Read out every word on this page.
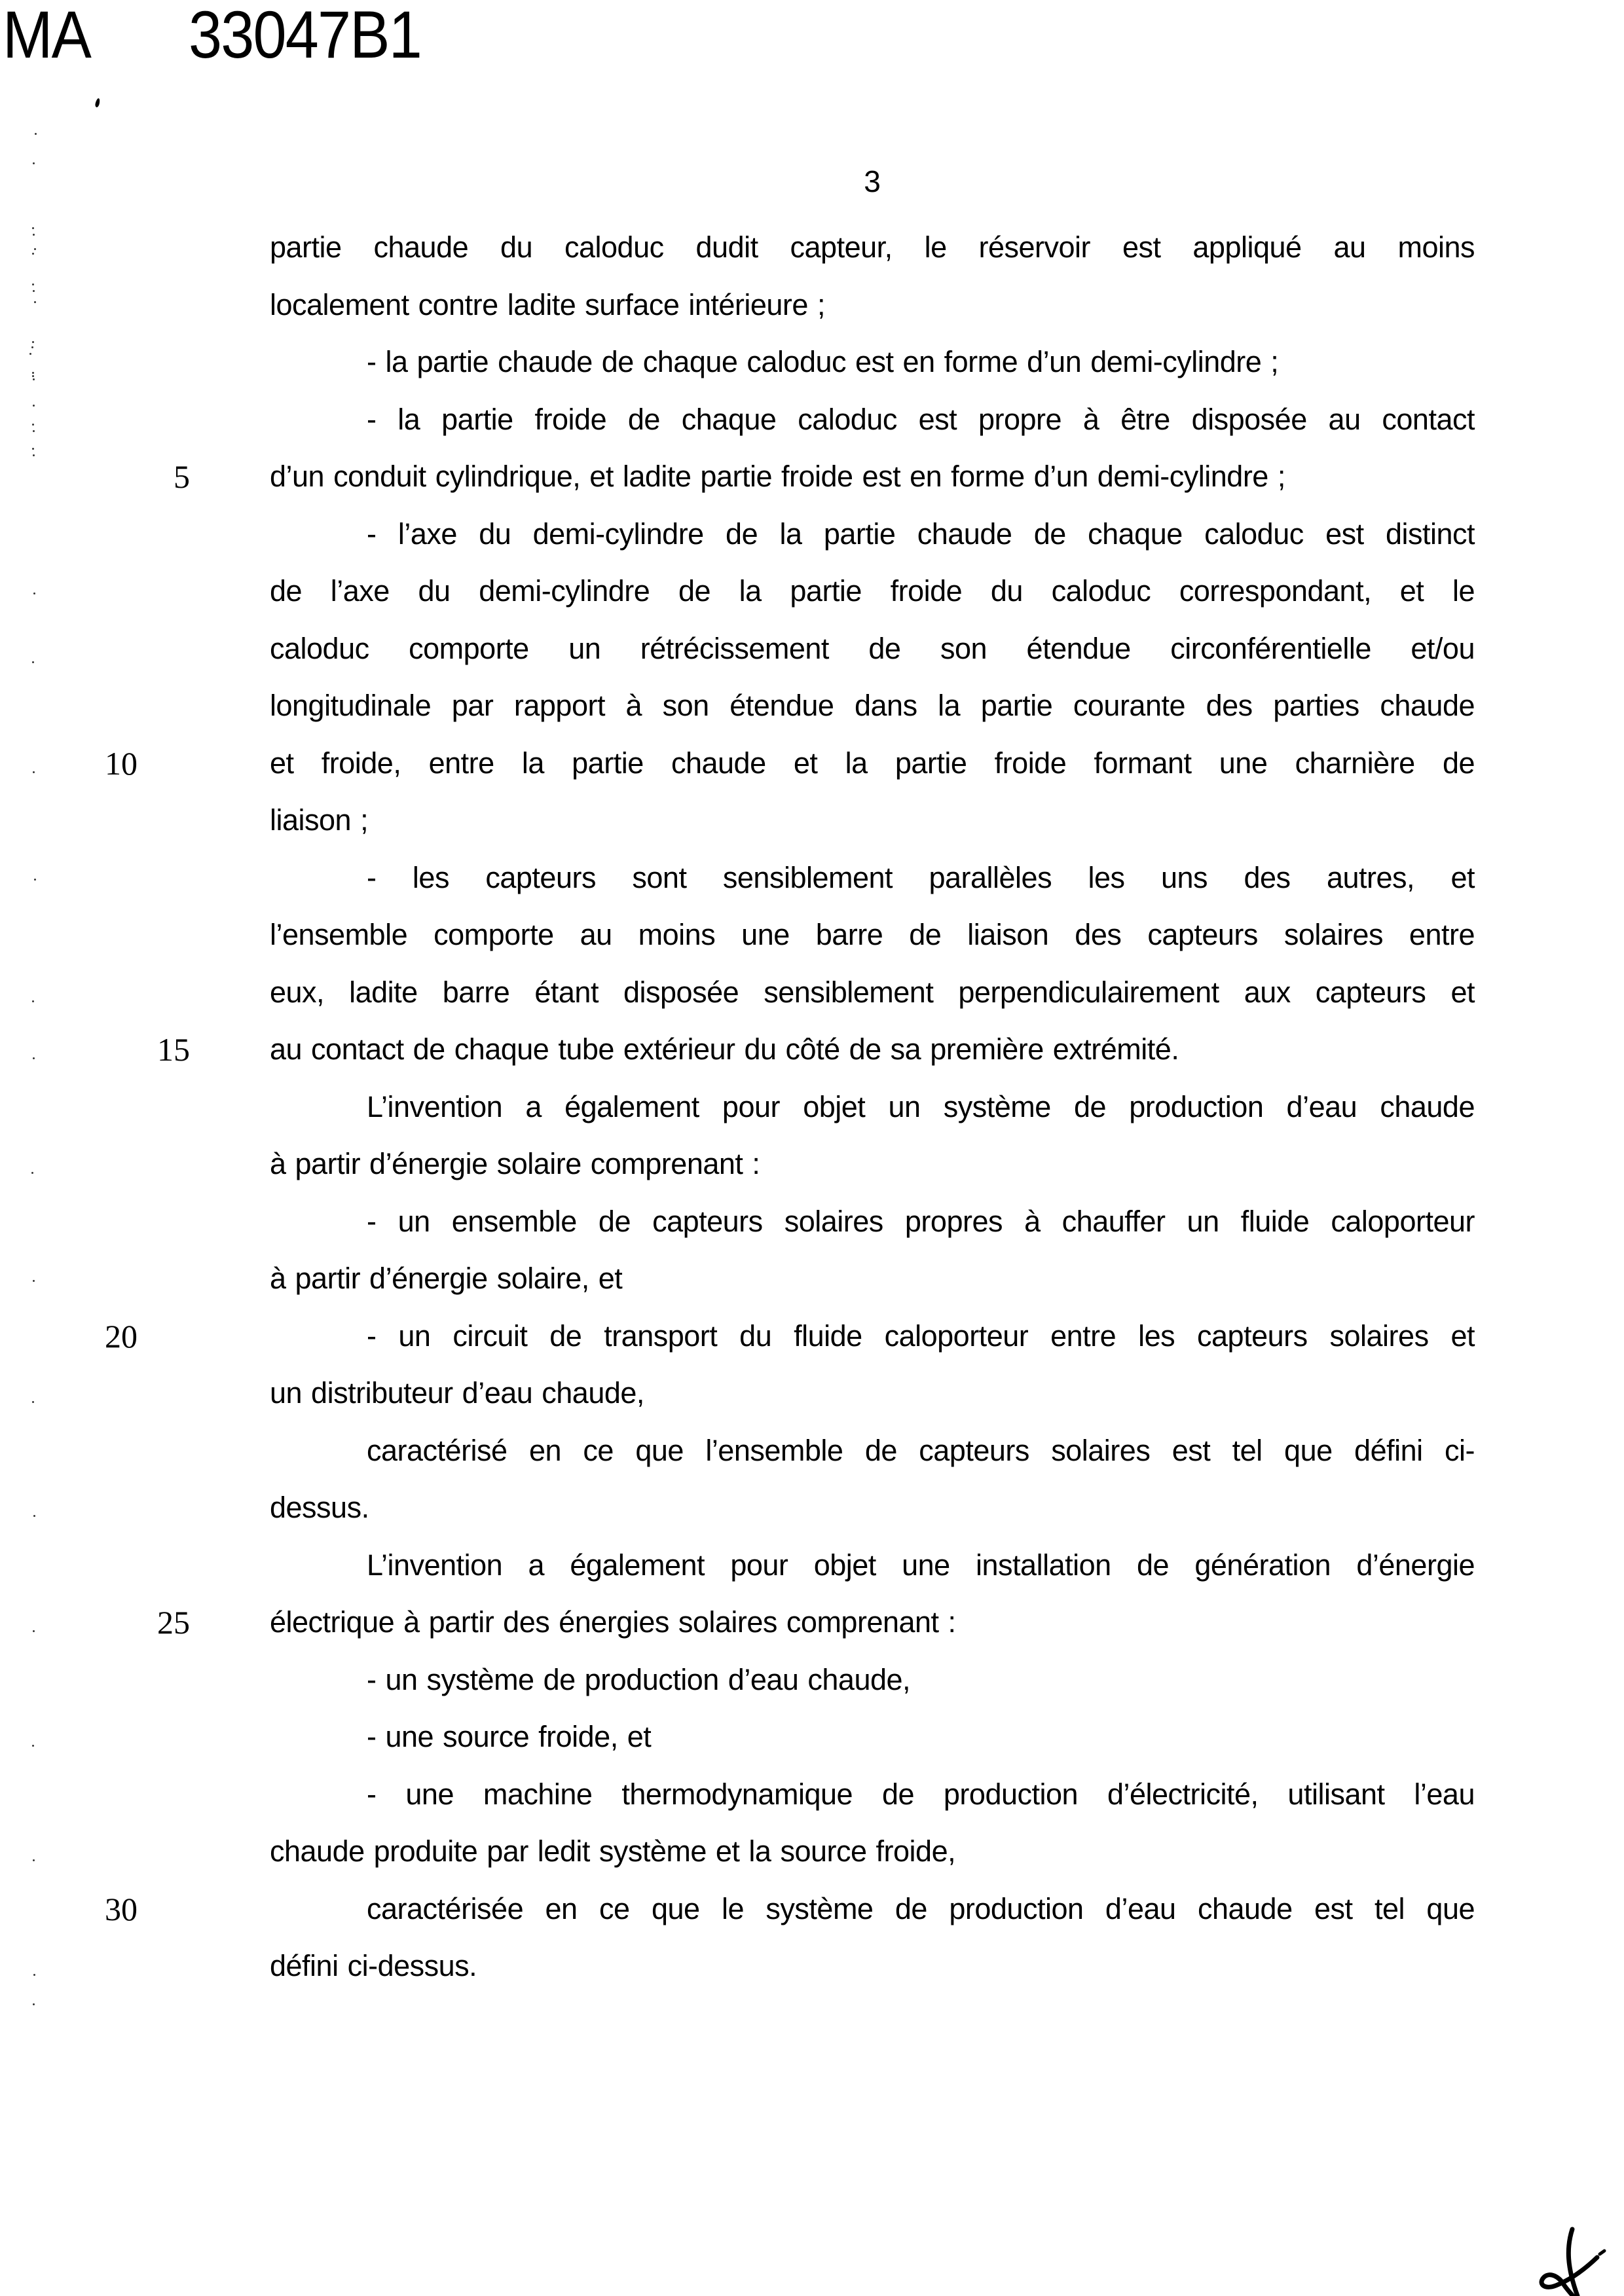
MA 33047B1
3
partie chaude du caloduc dudit capteur, le réservoir est appliqué au moins
localement contre ladite surface intérieure ;
- la partie chaude de chaque caloduc est en forme d’un demi-cylindre ;
- la partie froide de chaque caloduc est propre à être disposée au contact
5	d’un conduit cylindrique, et ladite partie froide est en forme d’un demi-cylindre ;
- l’axe du demi-cylindre de la partie chaude de chaque caloduc est distinct
de l’axe du demi-cylindre de la partie froide du caloduc correspondant, et le
caloduc comporte un rétrécissement de son étendue circonférentielle et/ou
longitudinale par rapport à son étendue dans la partie courante des parties chaude
10	et froide, entre la partie chaude et la partie froide formant une charnière de
liaison ;
- les capteurs sont sensiblement parallèles les uns des autres, et
l’ensemble comporte au moins une barre de liaison des capteurs solaires entre
eux, ladite barre étant disposée sensiblement perpendiculairement aux capteurs et
15	au contact de chaque tube extérieur du côté de sa première extrémité.
L’invention a également pour objet un système de production d’eau chaude
à partir d’énergie solaire comprenant :
- un ensemble de capteurs solaires propres à chauffer un fluide caloporteur
à partir d’énergie solaire, et
20	- un circuit de transport du fluide caloporteur entre les capteurs solaires et
un distributeur d’eau chaude,
caractérisé en ce que l’ensemble de capteurs solaires est tel que défini ci-
dessus.
L’invention a également pour objet une installation de génération d’énergie
25	électrique à partir des énergies solaires comprenant :
- un système de production d’eau chaude,
- une source froide, et
- une machine thermodynamique de production d’électricité, utilisant l’eau
chaude produite par ledit système et la source froide,
30	caractérisée en ce que le système de production d’eau chaude est tel que
défini ci-dessus.
